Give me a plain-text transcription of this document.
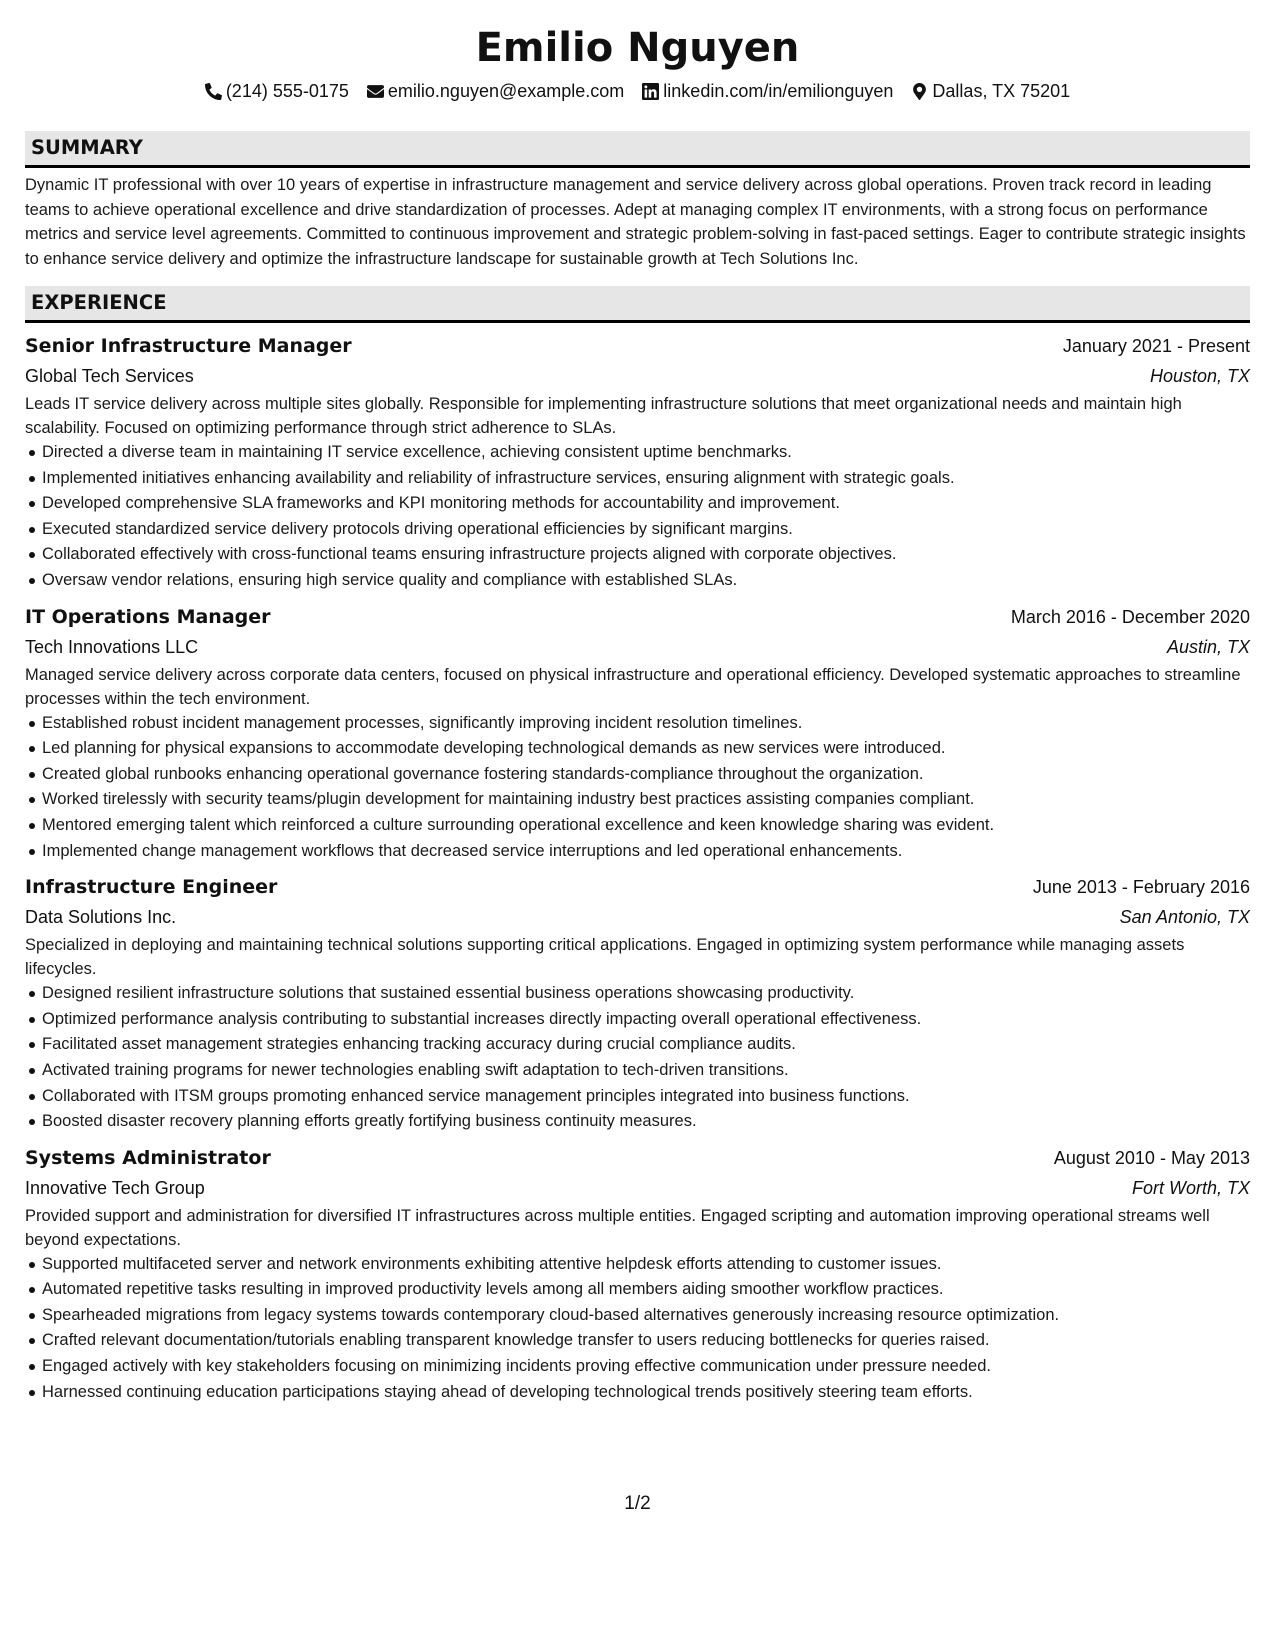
Emilio Nguyen
(214) 555-0175 emilio.nguyen@example.com linkedin.com/in/emilionguyen Dallas, TX 75201
SUMMARY
Dynamic IT professional with over 10 years of expertise in infrastructure management and service delivery across global operations. Proven track record in leading teams to achieve operational excellence and drive standardization of processes. Adept at managing complex IT environments, with a strong focus on performance metrics and service level agreements. Committed to continuous improvement and strategic problem-solving in fast-paced settings. Eager to contribute strategic insights to enhance service delivery and optimize the infrastructure landscape for sustainable growth at Tech Solutions Inc.
EXPERIENCE
Senior Infrastructure Manager	January 2021 - Present
Global Tech Services	Houston, TX
Leads IT service delivery across multiple sites globally. Responsible for implementing infrastructure solutions that meet organizational needs and maintain high scalability. Focused on optimizing performance through strict adherence to SLAs.
Directed a diverse team in maintaining IT service excellence, achieving consistent uptime benchmarks.
Implemented initiatives enhancing availability and reliability of infrastructure services, ensuring alignment with strategic goals.
Developed comprehensive SLA frameworks and KPI monitoring methods for accountability and improvement.
Executed standardized service delivery protocols driving operational efficiencies by significant margins.
Collaborated effectively with cross-functional teams ensuring infrastructure projects aligned with corporate objectives.
Oversaw vendor relations, ensuring high service quality and compliance with established SLAs.
IT Operations Manager	March 2016 - December 2020
Tech Innovations LLC	Austin, TX
Managed service delivery across corporate data centers, focused on physical infrastructure and operational efficiency. Developed systematic approaches to streamline processes within the tech environment.
Established robust incident management processes, significantly improving incident resolution timelines.
Led planning for physical expansions to accommodate developing technological demands as new services were introduced.
Created global runbooks enhancing operational governance fostering standards-compliance throughout the organization.
Worked tirelessly with security teams/plugin development for maintaining industry best practices assisting companies compliant.
Mentored emerging talent which reinforced a culture surrounding operational excellence and keen knowledge sharing was evident.
Implemented change management workflows that decreased service interruptions and led operational enhancements.
Infrastructure Engineer	June 2013 - February 2016
Data Solutions Inc.	San Antonio, TX
Specialized in deploying and maintaining technical solutions supporting critical applications. Engaged in optimizing system performance while managing assets lifecycles.
Designed resilient infrastructure solutions that sustained essential business operations showcasing productivity.
Optimized performance analysis contributing to substantial increases directly impacting overall operational effectiveness.
Facilitated asset management strategies enhancing tracking accuracy during crucial compliance audits.
Activated training programs for newer technologies enabling swift adaptation to tech-driven transitions.
Collaborated with ITSM groups promoting enhanced service management principles integrated into business functions.
Boosted disaster recovery planning efforts greatly fortifying business continuity measures.
Systems Administrator	August 2010 - May 2013
Innovative Tech Group	Fort Worth, TX
Provided support and administration for diversified IT infrastructures across multiple entities. Engaged scripting and automation improving operational streams well beyond expectations.
Supported multifaceted server and network environments exhibiting attentive helpdesk efforts attending to customer issues.
Automated repetitive tasks resulting in improved productivity levels among all members aiding smoother workflow practices.
Spearheaded migrations from legacy systems towards contemporary cloud-based alternatives generously increasing resource optimization.
Crafted relevant documentation/tutorials enabling transparent knowledge transfer to users reducing bottlenecks for queries raised.
Engaged actively with key stakeholders focusing on minimizing incidents proving effective communication under pressure needed.
Harnessed continuing education participations staying ahead of developing technological trends positively steering team efforts.
1/2
